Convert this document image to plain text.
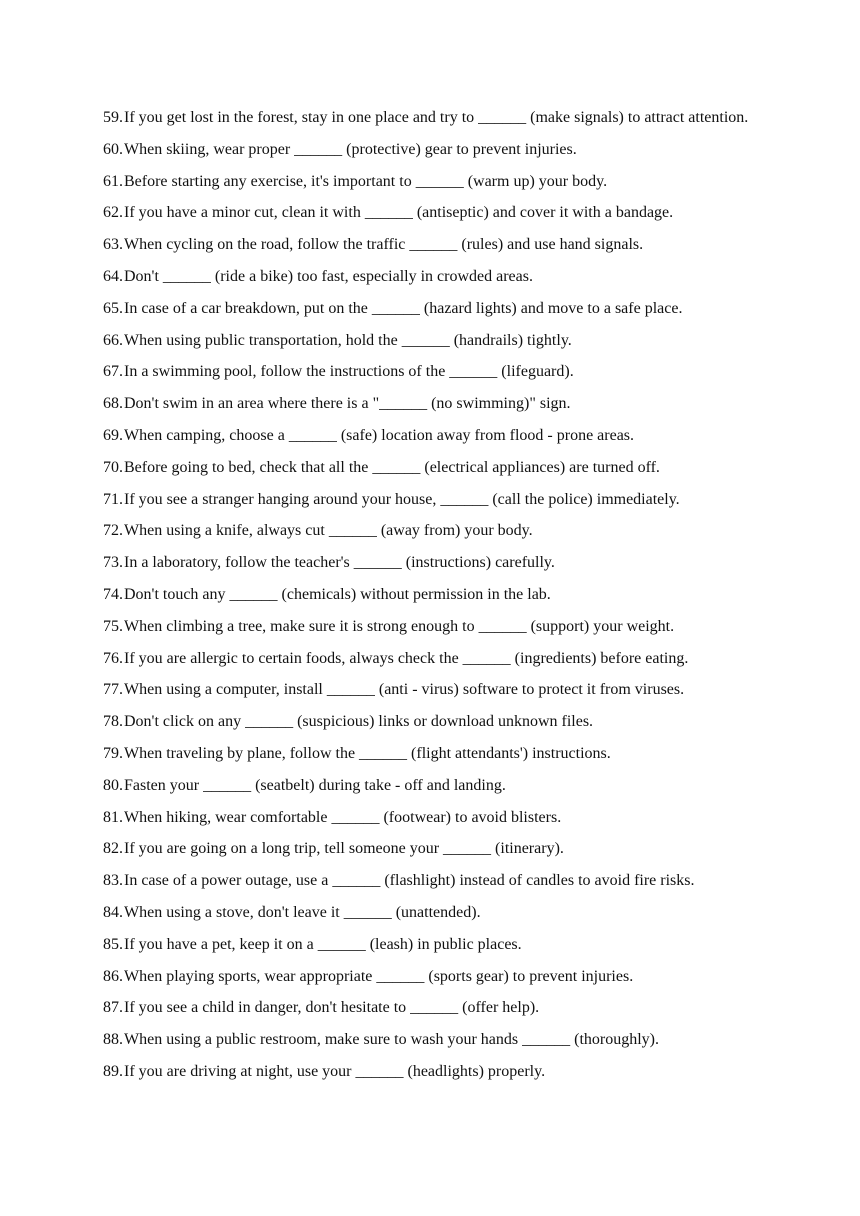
59. If you get lost in the forest, stay in one place and try to ______ (make signals) to attract attention.
60. When skiing, wear proper ______ (protective) gear to prevent injuries.
61. Before starting any exercise, it's important to ______ (warm up) your body.
62. If you have a minor cut, clean it with ______ (antiseptic) and cover it with a bandage.
63. When cycling on the road, follow the traffic ______ (rules) and use hand signals.
64. Don't ______ (ride a bike) too fast, especially in crowded areas.
65. In case of a car breakdown, put on the ______ (hazard lights) and move to a safe place.
66. When using public transportation, hold the ______ (handrails) tightly.
67. In a swimming pool, follow the instructions of the ______ (lifeguard).
68. Don't swim in an area where there is a "______ (no swimming)" sign.
69. When camping, choose a ______ (safe) location away from flood - prone areas.
70. Before going to bed, check that all the ______ (electrical appliances) are turned off.
71. If you see a stranger hanging around your house, ______ (call the police) immediately.
72. When using a knife, always cut ______ (away from) your body.
73. In a laboratory, follow the teacher's ______ (instructions) carefully.
74. Don't touch any ______ (chemicals) without permission in the lab.
75. When climbing a tree, make sure it is strong enough to ______ (support) your weight.
76. If you are allergic to certain foods, always check the ______ (ingredients) before eating.
77. When using a computer, install ______ (anti - virus) software to protect it from viruses.
78. Don't click on any ______ (suspicious) links or download unknown files.
79. When traveling by plane, follow the ______ (flight attendants') instructions.
80. Fasten your ______ (seatbelt) during take - off and landing.
81. When hiking, wear comfortable ______ (footwear) to avoid blisters.
82. If you are going on a long trip, tell someone your ______ (itinerary).
83. In case of a power outage, use a ______ (flashlight) instead of candles to avoid fire risks.
84. When using a stove, don't leave it ______ (unattended).
85. If you have a pet, keep it on a ______ (leash) in public places.
86. When playing sports, wear appropriate ______ (sports gear) to prevent injuries.
87. If you see a child in danger, don't hesitate to ______ (offer help).
88. When using a public restroom, make sure to wash your hands ______ (thoroughly).
89. If you are driving at night, use your ______ (headlights) properly.
